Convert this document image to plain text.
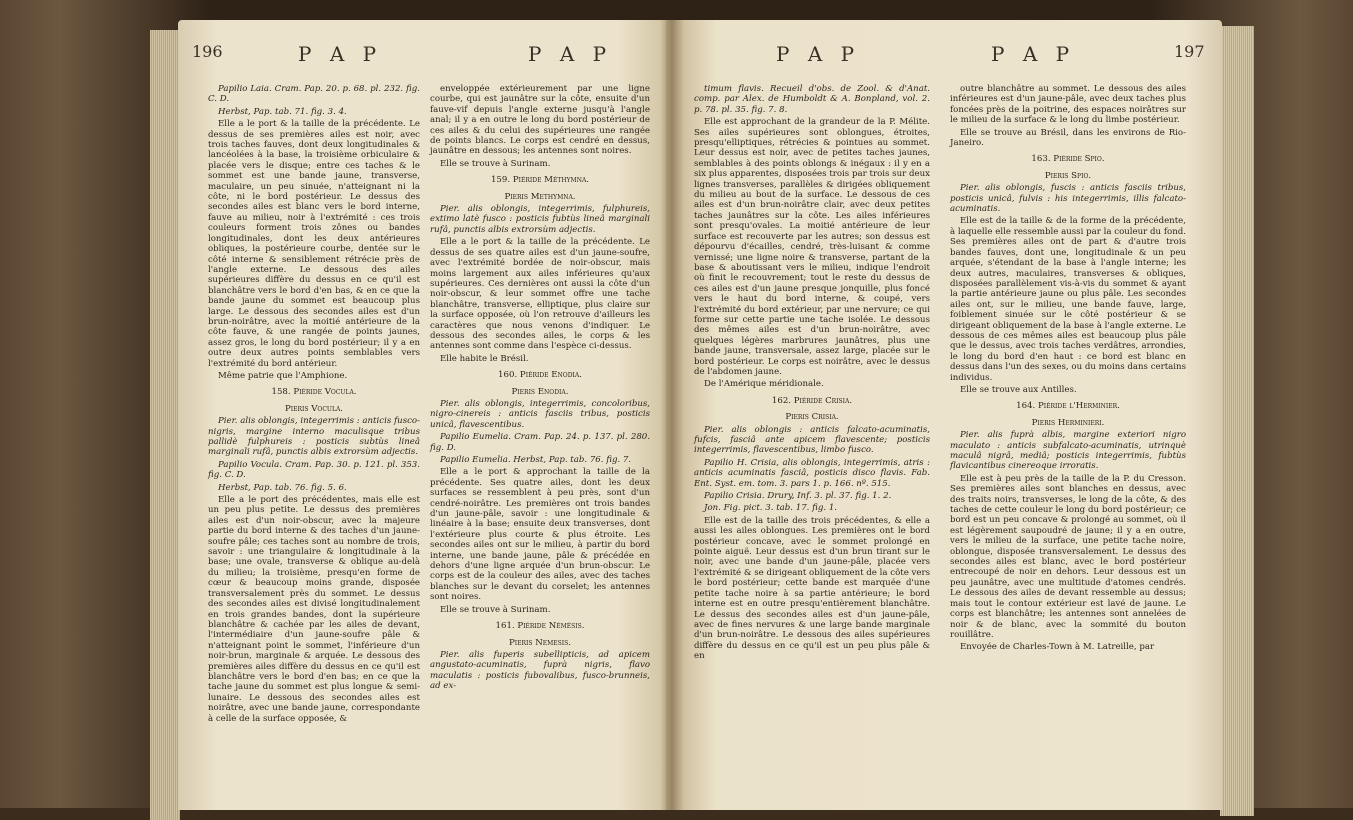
196	P A P	P A P

Papilio Laia. Cram. Pap. 20. p. 68. pl. 232. fig. C. D.

Herbst, Pap. tab. 71. fig. 3. 4.

Elle a le port & la taille de la précédente. Le dessus de ses premières ailes est noir, avec trois taches fauves, dont deux longitudinales & lancéolées à la base, la troisième orbiculaire & placée vers le disque; entre ces taches & le sommet est une bande jaune, transverse, maculaire, un peu sinuée, n'atteignant ni la côte, ni le bord postérieur. Le dessus des secondes ailes est blanc vers le bord interne, fauve au milieu, noir à l'extrémité : ces trois couleurs forment trois zônes ou bandes longitudinales, dont les deux antérieures obliques, la postérieure courbe, dentée sur le côté interne & sensiblement rétrécie près de l'angle externe. Le dessous des ailes supérieures diffère du dessus en ce qu'il est blanchâtre vers le bord d'en bas, & en ce que la bande jaune du sommet est beaucoup plus large. Le dessous des secondes ailes est d'un brun-noirâtre, avec la moitié antérieure de la côte fauve, & une rangée de points jaunes, assez gros, le long du bord postérieur; il y a en outre deux autres points semblables vers l'extrémité du bord antérieur.

Même patrie que l'Amphione.

158. Piéride Vocula.

Pieris Vocula.

Pier. alis oblongis, integerrimis : anticis fusco-nigris, margine interno maculisque tribus pallidè fulphureis : posticis subtùs lineâ marginali rufâ, punctis albis extrorsùm adjectis.

Papilio Vocula. Cram. Pap. 30. p. 121. pl. 353. fig. C. D.

Herbst, Pap. tab. 76. fig. 5. 6.

Elle a le port des précédentes, mais elle est un peu plus petite. Le dessus des premières ailes est d'un noir-obscur, avec la majeure partie du bord interne & des taches d'un jaune-soufre pâle; ces taches sont au nombre de trois, savoir : une triangulaire & longitudinale à la base; une ovale, transverse & oblique au-delà du milieu; la troisième, presqu'en forme de cœur & beaucoup moins grande, disposée transversalement près du sommet. Le dessus des secondes ailes est divisé longitudinalement en trois grandes bandes, dont la supérieure blanchâtre & cachée par les ailes de devant, l'intermédiaire d'un jaune-soufre pâle & n'atteignant point le sommet, l'inférieure d'un noir-brun, marginale & arquée. Le dessous des premières ailes diffère du dessus en ce qu'il est blanchâtre vers le bord d'en bas; en ce que la tache jaune du sommet est plus longue & semi-lunaire. Le dessous des secondes ailes est noirâtre, avec une bande jaune, correspondante à celle de la surface opposée, &

enveloppée extérieurement par une ligne courbe, qui est jaunâtre sur la côte, ensuite d'un fauve-vif depuis l'angle externe jusqu'à l'angle anal; il y a en outre le long du bord postérieur de ces ailes & du celui des supérieures une rangée de points blancs. Le corps est cendré en dessus, jaunâtre en dessous; les antennes sont noires.

Elle se trouve à Surinam.

159. Piéride Méthymna.

Pieris Methymna.

Pier. alis oblongis, integerrimis, fulphureis, extimo latè fusco : posticis fubtùs lineâ marginali rufâ, punctis albis extrorsùm adjectis.

Elle a le port & la taille de la précédente. Le dessus de ses quatre ailes est d'un jaune-soufre, avec l'extrémité bordée de noir-obscur, mais moins largement aux ailes inférieures qu'aux supérieures. Ces dernières ont aussi la côte d'un noir-obscur, & leur sommet offre une tache blanchâtre, transverse, elliptique, plus claire sur la surface opposée, où l'on retrouve d'ailleurs les caractères que nous venons d'indiquer. Le dessous des secondes ailes, le corps & les antennes sont comme dans l'espèce ci-dessus.

Elle habite le Brésil.

160. Piéride Enodia.

Pieris Enodia.

Pier. alis oblongis, integerrimis, concoloribus, nigro-cinereis : anticis fasciis tribus, posticis unicâ, flavescentibus.

Papilio Eumelia. Cram. Pap. 24. p. 137. pl. 280. fig. D.

Papilio Eumelia. Herbst, Pap. tab. 76. fig. 7.

Elle a le port & approchant la taille de la précédente. Ses quatre ailes, dont les deux surfaces se ressemblent à peu près, sont d'un cendré-noirâtre. Les premières ont trois bandes d'un jaune-pâle, savoir : une longitudinale & linéaire à la base; ensuite deux transverses, dont l'extérieure plus courte & plus étroite. Les secondes ailes ont sur le milieu, à partir du bord interne, une bande jaune, pâle & précédée en dehors d'une ligne arquée d'un brun-obscur. Le corps est de la couleur des ailes, avec des taches blanches sur le devant du corselet; les antennes sont noires.

Elle se trouve à Surinam.

161. Piéride Némésis.

Pieris Nemesis.

Pier. alis fuperis subellipticis, ad apicem angustato-acuminatis, fuprà nigris, flavo maculatis : posticis fubovalibus, fusco-brunneis, ad ex-

P A P	P A P	197

timum flavis. Recueil d'obs. de Zool. & d'Anat. comp. par Alex. de Humboldt & A. Bonpland, vol. 2. p. 78. pl. 35. fig. 7. 8.

Elle est approchant de la grandeur de la P. Mélite. Ses ailes supérieures sont oblongues, étroites, presqu'elliptiques, rétrécies & pointues au sommet. Leur dessus est noir, avec de petites taches jaunes, semblables à des points oblongs & inégaux : il y en a six plus apparentes, disposées trois par trois sur deux lignes transverses, parallèles & dirigées obliquement du milieu au bout de la surface. Le dessous de ces ailes est d'un brun-noirâtre clair, avec deux petites taches jaunâtres sur la côte. Les ailes inférieures sont presqu'ovales. La moitié antérieure de leur surface est recouverte par les autres; son dessus est dépourvu d'écailles, cendré, très-luisant & comme vernissé; une ligne noire & transverse, partant de la base & aboutissant vers le milieu, indique l'endroit où finit le recouvrement; tout le reste du dessus de ces ailes est d'un jaune presque jonquille, plus foncé vers le haut du bord interne, & coupé, vers l'extrémité du bord extérieur, par une nervure; ce qui forme sur cette partie une tache isolée. Le dessous des mêmes ailes est d'un brun-noirâtre, avec quelques légères marbrures jaunâtres, plus une bande jaune, transversale, assez large, placée sur le bord postérieur. Le corps est noirâtre, avec le dessus de l'abdomen jaune.

De l'Amérique méridionale.

162. Piéride Crisia.

Pieris Crisia.

Pier. alis oblongis : anticis falcato-acuminatis, fufcis, fasciâ ante apicem flavescente; posticis integerrimis, flavescentibus, limbo fusco.

Papilio H. Crisia, alis oblongis, integerrimis, atris : anticis acuminatis fasciâ, posticis disco flavis. Fab. Ent. Syst. em. tom. 3. pars 1. p. 166. nº. 515.

Papilio Crisia. Drury, Inf. 3. pl. 37. fig. 1. 2.

Jon. Fig. pict. 3. tab. 17. fig. 1.

Elle est de la taille des trois précédentes, & elle a aussi les ailes oblongues. Les premières ont le bord postérieur concave, avec le sommet prolongé en pointe aiguë. Leur dessus est d'un brun tirant sur le noir, avec une bande d'un jaune-pâle, placée vers l'extrémité & se dirigeant obliquement de la côte vers le bord postérieur; cette bande est marquée d'une petite tache noire à sa partie antérieure; le bord interne est en outre presqu'entièrement blanchâtre. Le dessus des secondes ailes est d'un jaune-pâle, avec de fines nervures & une large bande marginale d'un brun-noirâtre. Le dessous des ailes supérieures diffère du dessus en ce qu'il est un peu plus pâle & en

outre blanchâtre au sommet. Le dessous des ailes inférieures est d'un jaune-pâle, avec deux taches plus foncées près de la poitrine, des espaces noirâtres sur le milieu de la surface & le long du limbe postérieur.

Elle se trouve au Brésil, dans les environs de Rio-Janeiro.

163. Piéride Spio.

Pieris Spio.

Pier. alis oblongis, fuscis : anticis fasciis tribus, posticis unicâ, fulvis : his integerrimis, illis falcato-acuminatis.

Elle est de la taille & de la forme de la précédente, à laquelle elle ressemble aussi par la couleur du fond. Ses premières ailes ont de part & d'autre trois bandes fauves, dont une, longitudinale & un peu arquée, s'étendant de la base à l'angle interne; les deux autres, maculaires, transverses & obliques, disposées parallèlement vis-à-vis du sommet & ayant la partie antérieure jaune ou plus pâle. Les secondes ailes ont, sur le milieu, une bande fauve, large, foiblement sinuée sur le côté postérieur & se dirigeant obliquement de la base à l'angle externe. Le dessous de ces mêmes ailes est beaucoup plus pâle que le dessus, avec trois taches verdâtres, arrondies, le long du bord d'en haut : ce bord est blanc en dessus dans l'un des sexes, ou du moins dans certains individus.

Elle se trouve aux Antilles.

164. Piéride l'Herminier.

Pieris Herminieri.

Pier. alis fuprà albis, margine exteriori nigro maculato : anticis subfalcato-acuminatis, utrinquè maculâ nigrâ, mediâ; posticis integerrimis, fubtùs flavicantibus cinereoque irroratis.

Elle est à peu près de la taille de la P. du Cresson. Ses premières ailes sont blanches en dessus, avec des traits noirs, transverses, le long de la côte, & des taches de cette couleur le long du bord postérieur; ce bord est un peu concave & prolongé au sommet, où il est légèrement saupoudré de jaune; il y a en outre, vers le milieu de la surface, une petite tache noire, oblongue, disposée transversalement. Le dessus des secondes ailes est blanc, avec le bord postérieur entrecoupé de noir en dehors. Leur dessous est un peu jaunâtre, avec une multitude d'atomes cendrés. Le dessous des ailes de devant ressemble au dessus; mais tout le contour extérieur est lavé de jaune. Le corps est blanchâtre; les antennes sont annelées de noir & de blanc, avec la sommité du bouton rouillâtre.

Envoyée de Charles-Town à M. Latreille, par
